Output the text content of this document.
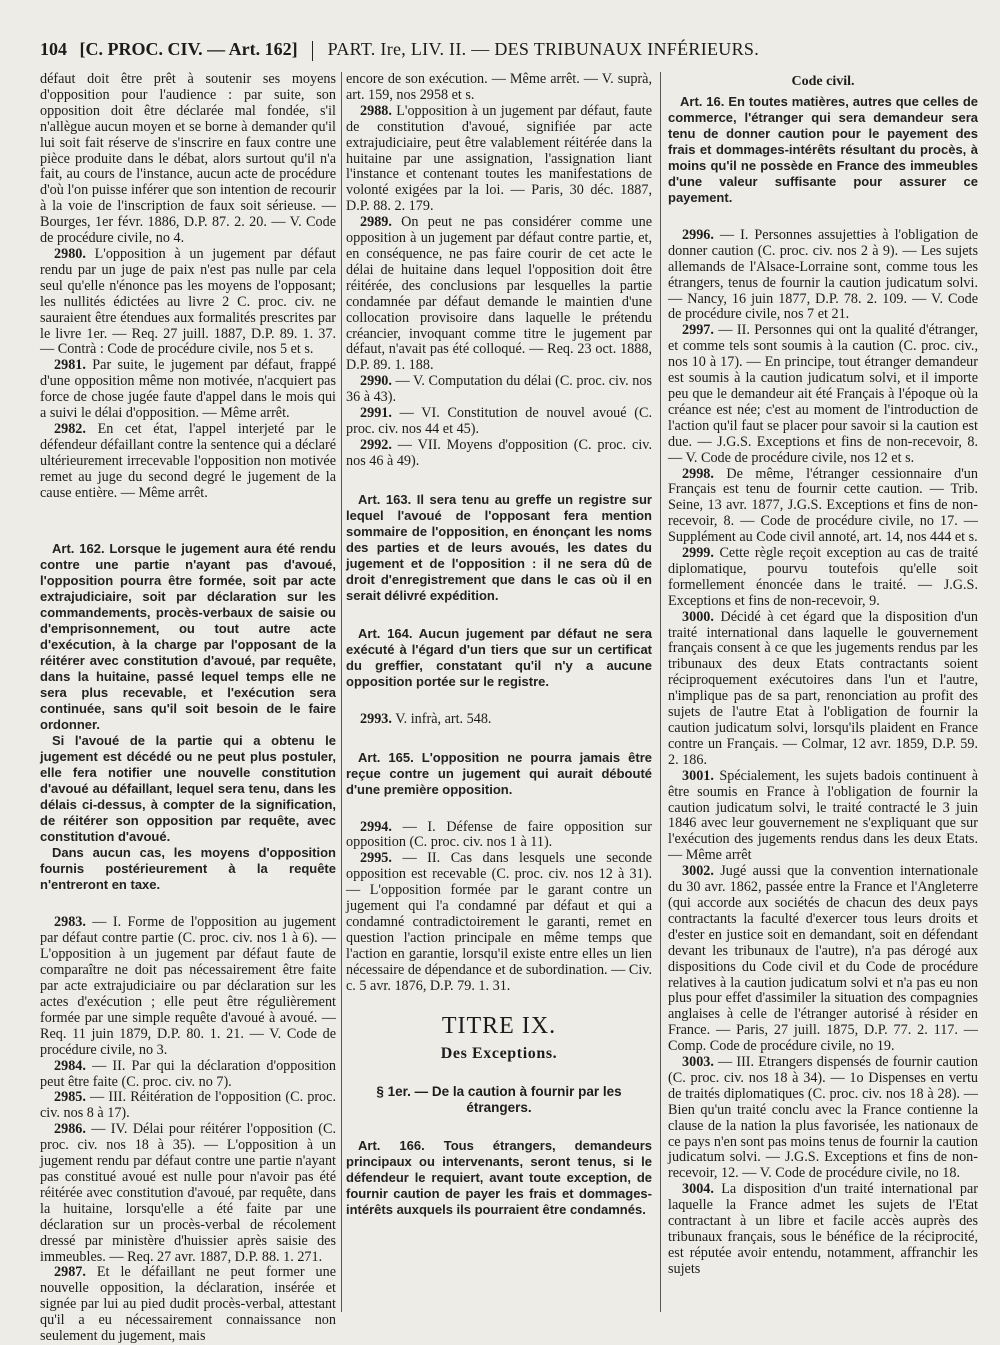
104 [C. PROC. CIV. — Art. 162] PART. Ire, LIV. II. — DES TRIBUNAUX INFÉRIEURS.

défaut doit être prêt à soutenir ses moyens d'opposition pour l'audience : par suite, son opposition doit être déclarée mal fondée, s'il n'allègue aucun moyen et se borne à demander qu'il lui soit fait réserve de s'inscrire en faux contre une pièce produite dans le débat, alors surtout qu'il n'a fait, au cours de l'instance, aucun acte de procédure d'où l'on puisse inférer que son intention de recourir à la voie de l'inscription de faux soit sérieuse. — Bourges, 1er févr. 1886, D.P. 87. 2. 20. — V. Code de procédure civile, no 4.

2980. L'opposition à un jugement par défaut rendu par un juge de paix n'est pas nulle par cela seul qu'elle n'énonce pas les moyens de l'opposant; les nullités édictées au livre 2 C. proc. civ. ne sauraient être étendues aux formalités prescrites par le livre 1er. — Req. 27 juill. 1887, D.P. 89. 1. 37. — Contrà : Code de procédure civile, nos 5 et s.

2981. Par suite, le jugement par défaut, frappé d'une opposition même non motivée, n'acquiert pas force de chose jugée faute d'appel dans le mois qui a suivi le délai d'opposition. — Même arrêt.

2982. En cet état, l'appel interjeté par le défendeur défaillant contre la sentence qui a déclaré ultérieurement irrecevable l'opposition non motivée remet au juge du second degré le jugement de la cause entière. — Même arrêt.

Art. 162. Lorsque le jugement aura été rendu contre une partie n'ayant pas d'avoué, l'opposition pourra être formée, soit par acte extrajudiciaire, soit par déclaration sur les commandements, procès-verbaux de saisie ou d'emprisonnement, ou tout autre acte d'exécution, à la charge par l'opposant de la réitérer avec constitution d'avoué, par requête, dans la huitaine, passé lequel temps elle ne sera plus recevable, et l'exécution sera continuée, sans qu'il soit besoin de le faire ordonner.

Si l'avoué de la partie qui a obtenu le jugement est décédé ou ne peut plus postuler, elle fera notifier une nouvelle constitution d'avoué au défaillant, lequel sera tenu, dans les délais ci-dessus, à compter de la signification, de réitérer son opposition par requête, avec constitution d'avoué.

Dans aucun cas, les moyens d'opposition fournis postérieurement à la requête n'entreront en taxe.

2983. — I. Forme de l'opposition au jugement par défaut contre partie (C. proc. civ. nos 1 à 6). — L'opposition à un jugement par défaut faute de comparaître ne doit pas nécessairement être faite par acte extrajudiciaire ou par déclaration sur les actes d'exécution ; elle peut être régulièrement formée par une simple requête d'avoué à avoué. — Req. 11 juin 1879, D.P. 80. 1. 21. — V. Code de procédure civile, no 3.

2984. — II. Par qui la déclaration d'opposition peut être faite (C. proc. civ. no 7).

2985. — III. Réitération de l'opposition (C. proc. civ. nos 8 à 17).

2986. — IV. Délai pour réitérer l'opposition (C. proc. civ. nos 18 à 35). — L'opposition à un jugement rendu par défaut contre une partie n'ayant pas constitué avoué est nulle pour n'avoir pas été réitérée avec constitution d'avoué, par requête, dans la huitaine, lorsqu'elle a été faite par une déclaration sur un procès-verbal de récolement dressé par ministère d'huissier après saisie des immeubles. — Req. 27 avr. 1887, D.P. 88. 1. 271.

2987. Et le défaillant ne peut former une nouvelle opposition, la déclaration, insérée et signée par lui au pied dudit procès-verbal, attestant qu'il a eu nécessairement connaissance non seulement du jugement, mais

encore de son exécution. — Même arrêt. — V. suprà, art. 159, nos 2958 et s.

2988. L'opposition à un jugement par défaut, faute de constitution d'avoué, signifiée par acte extrajudiciaire, peut être valablement réitérée dans la huitaine par une assignation, l'assignation liant l'instance et contenant toutes les manifestations de volonté exigées par la loi. — Paris, 30 déc. 1887, D.P. 88. 2. 179.

2989. On peut ne pas considérer comme une opposition à un jugement par défaut contre partie, et, en conséquence, ne pas faire courir de cet acte le délai de huitaine dans lequel l'opposition doit être réitérée, des conclusions par lesquelles la partie condamnée par défaut demande le maintien d'une collocation provisoire dans laquelle le prétendu créancier, invoquant comme titre le jugement par défaut, n'avait pas été colloqué. — Req. 23 oct. 1888, D.P. 89. 1. 188.

2990. — V. Computation du délai (C. proc. civ. nos 36 à 43).

2991. — VI. Constitution de nouvel avoué (C. proc. civ. nos 44 et 45).

2992. — VII. Moyens d'opposition (C. proc. civ. nos 46 à 49).

Art. 163. Il sera tenu au greffe un registre sur lequel l'avoué de l'opposant fera mention sommaire de l'opposition, en énonçant les noms des parties et de leurs avoués, les dates du jugement et de l'opposition : il ne sera dû de droit d'enregistrement que dans le cas où il en serait délivré expédition.

Art. 164. Aucun jugement par défaut ne sera exécuté à l'égard d'un tiers que sur un certificat du greffier, constatant qu'il n'y a aucune opposition portée sur le registre.

2993. V. infrà, art. 548.

Art. 165. L'opposition ne pourra jamais être reçue contre un jugement qui aurait débouté d'une première opposition.

2994. — I. Défense de faire opposition sur opposition (C. proc. civ. nos 1 à 11).

2995. — II. Cas dans lesquels une seconde opposition est recevable (C. proc. civ. nos 12 à 31). — L'opposition formée par le garant contre un jugement qui l'a condamné par défaut et qui a condamné contradictoirement le garanti, remet en question l'action principale en même temps que l'action en garantie, lorsqu'il existe entre elles un lien nécessaire de dépendance et de subordination. — Civ. c. 5 avr. 1876, D.P. 79. 1. 31.

TITRE IX.
Des Exceptions.
§ 1er. — De la caution à fournir par les étrangers.

Art. 166. Tous étrangers, demandeurs principaux ou intervenants, seront tenus, si le défendeur le requiert, avant toute exception, de fournir caution de payer les frais et dommages-intérêts auxquels ils pourraient être condamnés.

Code civil.

Art. 16. En toutes matières, autres que celles de commerce, l'étranger qui sera demandeur sera tenu de donner caution pour le payement des frais et dommages-intérêts résultant du procès, à moins qu'il ne possède en France des immeubles d'une valeur suffisante pour assurer ce payement.

2996. — I. Personnes assujetties à l'obligation de donner caution (C. proc. civ. nos 2 à 9). — Les sujets allemands de l'Alsace-Lorraine sont, comme tous les étrangers, tenus de fournir la caution judicatum solvi. — Nancy, 16 juin 1877, D.P. 78. 2. 109. — V. Code de procédure civile, nos 7 et 21.

2997. — II. Personnes qui ont la qualité d'étranger, et comme tels sont soumis à la caution (C. proc. civ., nos 10 à 17). — En principe, tout étranger demandeur est soumis à la caution judicatum solvi, et il importe peu que le demandeur ait été Français à l'époque où la créance est née; c'est au moment de l'introduction de l'action qu'il faut se placer pour savoir si la caution est due. — J.G.S. Exceptions et fins de non-recevoir, 8. — V. Code de procédure civile, nos 12 et s.

2998. De même, l'étranger cessionnaire d'un Français est tenu de fournir cette caution. — Trib. Seine, 13 avr. 1877, J.G.S. Exceptions et fins de non-recevoir, 8. — Code de procédure civile, no 17. — Supplément au Code civil annoté, art. 14, nos 444 et s.

2999. Cette règle reçoit exception au cas de traité diplomatique, pourvu toutefois qu'elle soit formellement énoncée dans le traité. — J.G.S. Exceptions et fins de non-recevoir, 9.

3000. Décidé à cet égard que la disposition d'un traité international dans laquelle le gouvernement français consent à ce que les jugements rendus par les tribunaux des deux Etats contractants soient réciproquement exécutoires dans l'un et l'autre, n'implique pas de sa part, renonciation au profit des sujets de l'autre Etat à l'obligation de fournir la caution judicatum solvi, lorsqu'ils plaident en France contre un Français. — Colmar, 12 avr. 1859, D.P. 59. 2. 186.

3001. Spécialement, les sujets badois continuent à être soumis en France à l'obligation de fournir la caution judicatum solvi, le traité contracté le 3 juin 1846 avec leur gouvernement ne s'expliquant que sur l'exécution des jugements rendus dans les deux Etats. — Même arrêt

3002. Jugé aussi que la convention internationale du 30 avr. 1862, passée entre la France et l'Angleterre (qui accorde aux sociétés de chacun des deux pays contractants la faculté d'exercer tous leurs droits et d'ester en justice soit en demandant, soit en défendant devant les tribunaux de l'autre), n'a pas dérogé aux dispositions du Code civil et du Code de procédure relatives à la caution judicatum solvi et n'a pas eu non plus pour effet d'assimiler la situation des compagnies anglaises à celle de l'étranger autorisé à résider en France. — Paris, 27 juill. 1875, D.P. 77. 2. 117. — Comp. Code de procédure civile, no 19.

3003. — III. Etrangers dispensés de fournir caution (C. proc. civ. nos 18 à 34). — 1o Dispenses en vertu de traités diplomatiques (C. proc. civ. nos 18 à 28). — Bien qu'un traité conclu avec la France contienne la clause de la nation la plus favorisée, les nationaux de ce pays n'en sont pas moins tenus de fournir la caution judicatum solvi. — J.G.S. Exceptions et fins de non-recevoir, 12. — V. Code de procédure civile, no 18.

3004. La disposition d'un traité international par laquelle la France admet les sujets de l'Etat contractant à un libre et facile accès auprès des tribunaux français, sous le bénéfice de la réciprocité, est réputée avoir entendu, notamment, affranchir les sujets
